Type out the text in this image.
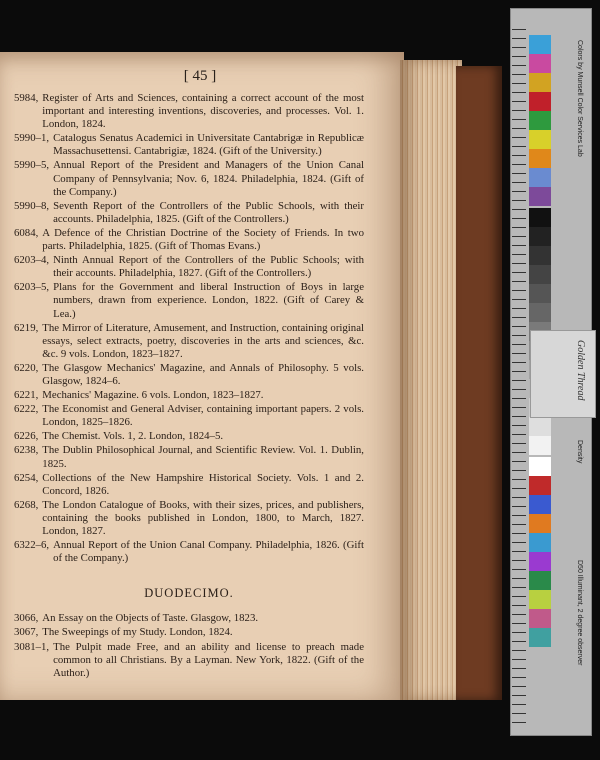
[ 45 ]
5984, Register of Arts and Sciences, containing a correct account of the most important and interesting inventions, discoveries, and processes. Vol. 1. London, 1824.
5990–1, Catalogus Senatus Academici in Universitate Cantabrigæ in Republicæ Massachusettensi. Cantabrigiæ, 1824. (Gift of the University.)
5990–5, Annual Report of the President and Managers of the Union Canal Company of Pennsylvania; Nov. 6, 1824. Philadelphia, 1824. (Gift of the Company.)
5990–8, Seventh Report of the Controllers of the Public Schools, with their accounts. Philadelphia, 1825. (Gift of the Controllers.)
6084, A Defence of the Christian Doctrine of the Society of Friends. In two parts. Philadelphia, 1825. (Gift of Thomas Evans.)
6203–4, Ninth Annual Report of the Controllers of the Public Schools; with their accounts. Philadelphia, 1827. (Gift of the Controllers.)
6203–5, Plans for the Government and liberal Instruction of Boys in large numbers, drawn from experience. London, 1822. (Gift of Carey & Lea.)
6219, The Mirror of Literature, Amusement, and Instruction, containing original essays, select extracts, poetry, discoveries in the arts and sciences, &c. &c. 9 vols. London, 1823–1827.
6220, The Glasgow Mechanics' Magazine, and Annals of Philosophy. 5 vols. Glasgow, 1824–6.
6221, Mechanics' Magazine. 6 vols. London, 1823–1827.
6222, The Economist and General Adviser, containing important papers. 2 vols. London, 1825–1826.
6226, The Chemist. Vols. 1, 2. London, 1824–5.
6238, The Dublin Philosophical Journal, and Scientific Review. Vol. 1. Dublin, 1825.
6254, Collections of the New Hampshire Historical Society. Vols. 1 and 2. Concord, 1826.
6268, The London Catalogue of Books, with their sizes, prices, and publishers, containing the books published in London, 1800, to March, 1827. London, 1827.
6322–6, Annual Report of the Union Canal Company. Philadelphia, 1826. (Gift of the Company.)
DUODECIMO.
3066, An Essay on the Objects of Taste. Glasgow, 1823.
3067, The Sweepings of my Study. London, 1824.
3081–1, The Pulpit made Free, and an ability and license to preach made common to all Christians. By a Layman. New York, 1822. (Gift of the Author.)
Colors by Munsell Color Services Lab
D50 Illuminant, 2 degree observer
Density
Golden Thread
